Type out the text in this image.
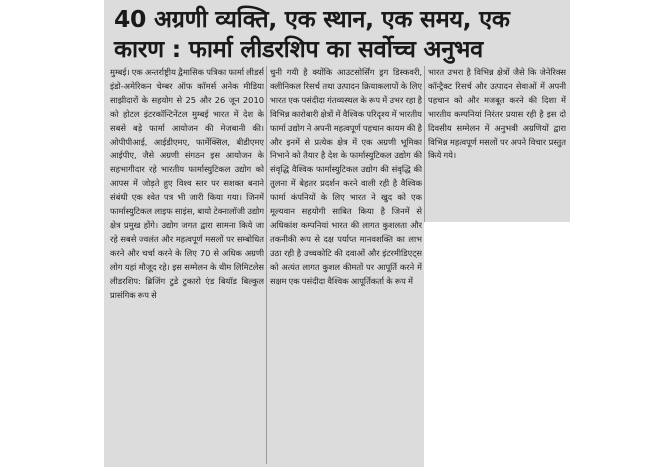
40 अग्रणी व्यक्ति, एक स्थान, एक समय, एक
कारण : फार्मा लीडरशिप का सर्वोच्च अनुभव
मुम्बई। एक अन्तर्राष्ट्रीय द्वैमासिक पत्रिका फार्मा लीडर्स इंडो-अमेरिकन चेम्बर ऑफ कॉमर्स अनेक मीडिया साझीदारों के सहयोग से 25 और 26 जून 2010 को होटल इंटरकॉन्टिनेंटल मुम्बई भारत में देश के सबसे बड़े फार्मा आयोजन की मेजबानी की। ओपीपीआई, आईडीएमए, फार्मेक्सिल, बीडीएमए आईपीए, जैसे अग्रणी संगठन इस आयोजन के सहभागीदार रहे भारतीय फार्मास्युटिकल उद्योग को आपस में जोड़ते हुए विश्व स्तर पर सशक्त बनाने संबंधी एक श्वेत पत्र भी जारी किया गया। जिनमें फार्मास्युटिकल लाइफ साइंस, बायो टेक्नालॉजी उद्योग क्षेत्र प्रमुख होंगे। उद्योग जगत द्वारा सामना किये जा रहे सबसे ज्वलंत और महत्वपूर्ण मसलों पर सम्बोधित करने और चर्चा करने के लिए 70 से अधिक अग्रणी लोग यहां मौजूद रहे। इस सम्मेलन के थीम लिमिटलेस लीडरशिप: ब्रिजिंग टुडे टुकारो एंड बियॉड बिल्कुल प्रासंगिक रूप से
चुनी गयी है क्योंकि आउटसोर्सिंग ड्रग डिस्कवरी, क्लीनिकल रिसर्च तथा उत्पादन क्रियाकलापों के लिए भारत एक पसंदीदा गंतव्यस्थल के रूप में उभर रहा है विभिन्न कारोबारी क्षेत्रों में वैश्विक परिदृश्य में भारतीय फार्मा उद्योग ने अपनी महत्वपूर्ण पहचान कायम की है और इनमें से प्रत्येक क्षेत्र में एक अग्रणी भूमिका निभाने को तैयार है देश के फार्मास्युटिकल उद्योग की संवृद्धि वैश्विक फार्मास्युटिकल उद्योग की संवृद्धि की तुलना में बेहतर प्रदर्शन करने वाली रही है वैश्विक फार्मा कंपनियों के लिए भारत ने खुद को एक मूल्यवान सहयोगी साबित किया है जिनमें से अधिकांश कम्पनियां भारत की लागत कुशलता और तकनीकी रूप से दक्ष पर्याप्त मानवशक्ति का लाभ उठा रही है उच्चकोटि की दवाओं और इंटरमीडिएट्स को अत्यंत लागत कुशल कीमतों पर आपूर्ति करने में सक्षम एक पसंदीदा वैश्विक आपूर्तिकर्ता के रूप में
भारत उभरा है विभिन्न क्षेत्रों जैसे कि जेनेरिक्स कॉन्ट्रैक्ट रिसर्च और उत्पादन सेवाओं में अपनी पहचान को और मजबूत करने की दिशा में भारतीय कम्पनियां निरंतर प्रयास रही है इस दो दिवसीय सम्मेलन में अनुभवी अग्रणियों द्वारा विभिन्न महत्वपूर्ण मसलों पर अपने विचार प्रस्तुत किये गये।
